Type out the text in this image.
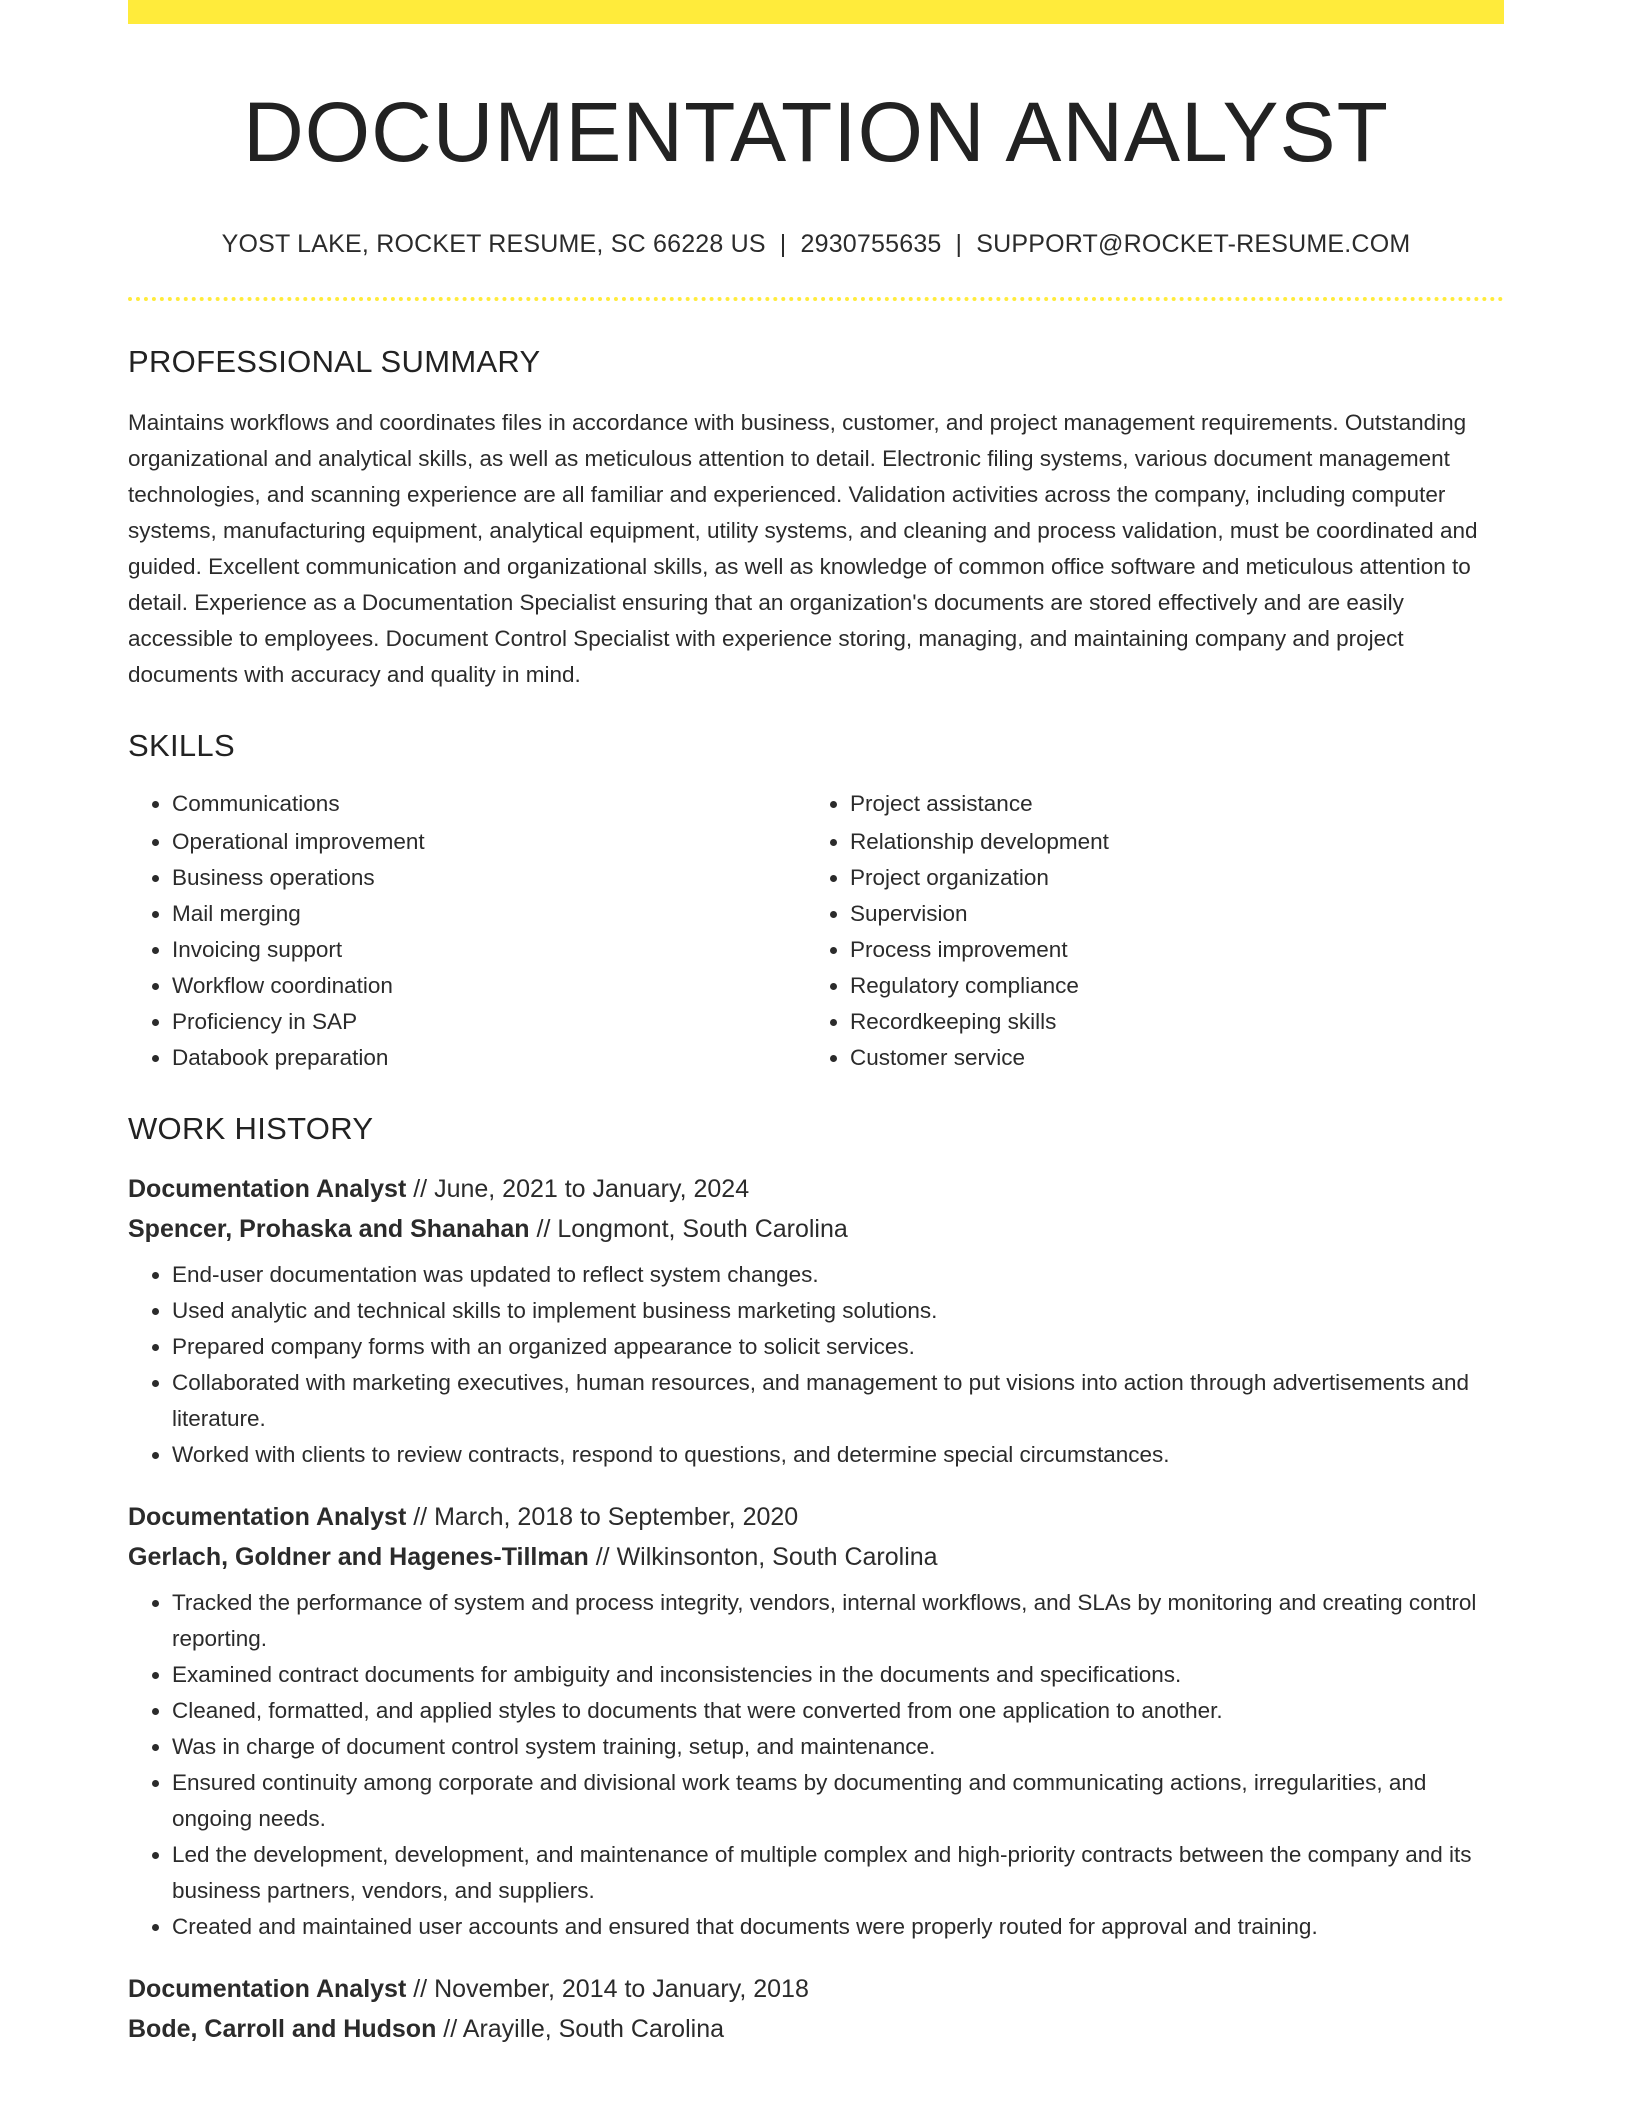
DOCUMENTATION ANALYST
YOST LAKE, ROCKET RESUME, SC 66228 US | 2930755635 | SUPPORT@ROCKET-RESUME.COM
PROFESSIONAL SUMMARY
Maintains workflows and coordinates files in accordance with business, customer, and project management requirements. Outstanding organizational and analytical skills, as well as meticulous attention to detail. Electronic filing systems, various document management technologies, and scanning experience are all familiar and experienced. Validation activities across the company, including computer systems, manufacturing equipment, analytical equipment, utility systems, and cleaning and process validation, must be coordinated and guided. Excellent communication and organizational skills, as well as knowledge of common office software and meticulous attention to detail. Experience as a Documentation Specialist ensuring that an organization's documents are stored effectively and are easily accessible to employees. Document Control Specialist with experience storing, managing, and maintaining company and project documents with accuracy and quality in mind.
SKILLS
• Communications
• Operational improvement
• Business operations
• Mail merging
• Invoicing support
• Workflow coordination
• Proficiency in SAP
• Databook preparation
• Project assistance
• Relationship development
• Project organization
• Supervision
• Process improvement
• Regulatory compliance
• Recordkeeping skills
• Customer service
WORK HISTORY
Documentation Analyst // June, 2021 to January, 2024
Spencer, Prohaska and Shanahan // Longmont, South Carolina
• End-user documentation was updated to reflect system changes.
• Used analytic and technical skills to implement business marketing solutions.
• Prepared company forms with an organized appearance to solicit services.
• Collaborated with marketing executives, human resources, and management to put visions into action through advertisements and literature.
• Worked with clients to review contracts, respond to questions, and determine special circumstances.
Documentation Analyst // March, 2018 to September, 2020
Gerlach, Goldner and Hagenes-Tillman // Wilkinsonton, South Carolina
• Tracked the performance of system and process integrity, vendors, internal workflows, and SLAs by monitoring and creating control reporting.
• Examined contract documents for ambiguity and inconsistencies in the documents and specifications.
• Cleaned, formatted, and applied styles to documents that were converted from one application to another.
• Was in charge of document control system training, setup, and maintenance.
• Ensured continuity among corporate and divisional work teams by documenting and communicating actions, irregularities, and ongoing needs.
• Led the development, development, and maintenance of multiple complex and high-priority contracts between the company and its business partners, vendors, and suppliers.
• Created and maintained user accounts and ensured that documents were properly routed for approval and training.
Documentation Analyst // November, 2014 to January, 2018
Bode, Carroll and Hudson // Arayille, South Carolina
